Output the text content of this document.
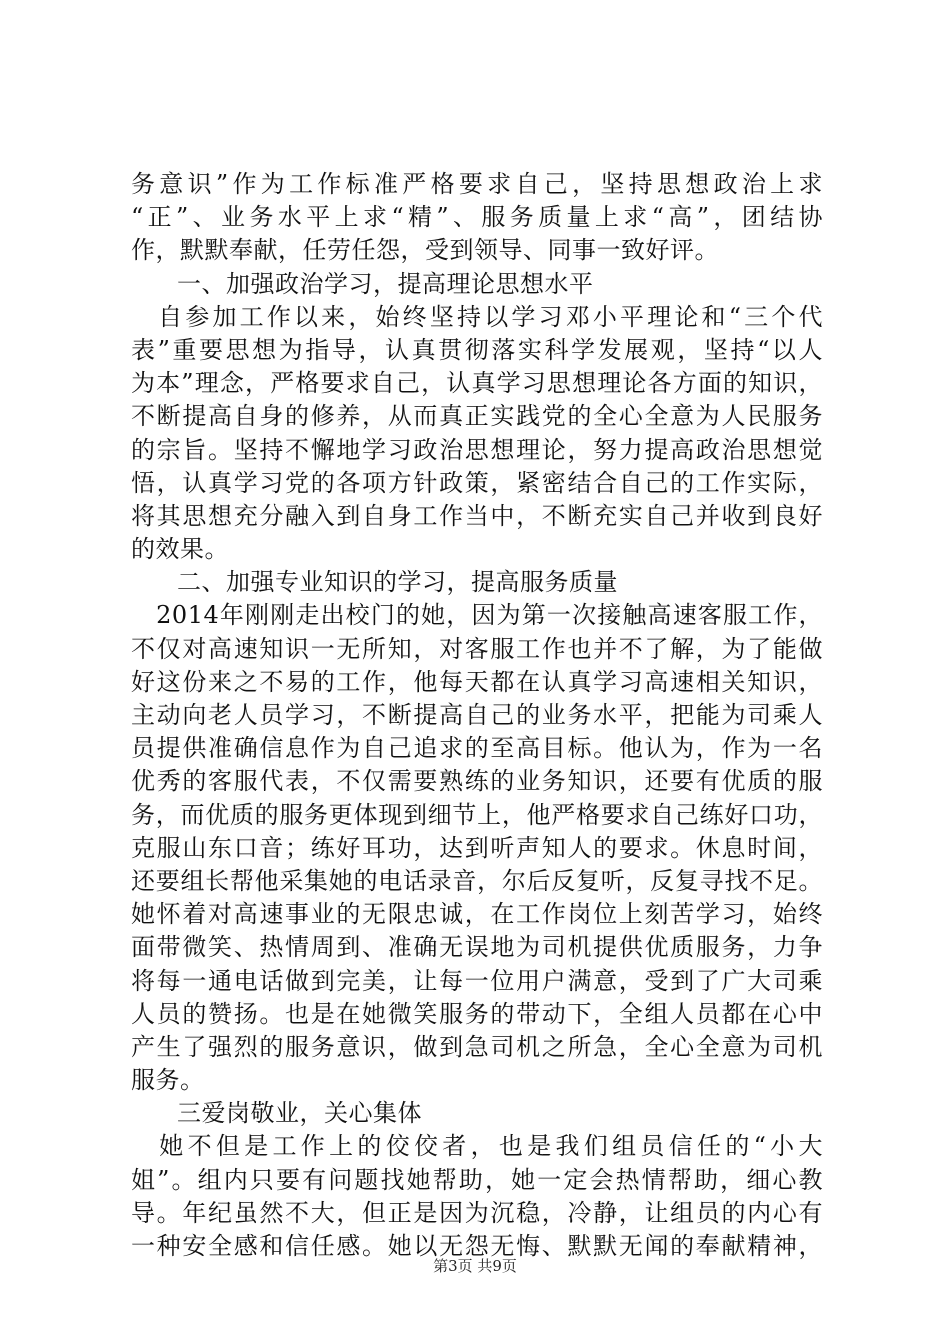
务意识”作为工作标准严格要求自己，坚持思想政治上求
“正”、业务水平上求“精”、服务质量上求“高”，团结协
作，默默奉献，任劳任怨，受到领导、同事一致好评。
一、加强政治学习，提高理论思想水平
　自参加工作以来，始终坚持以学习邓小平理论和“三个代
表”重要思想为指导，认真贯彻落实科学发展观，坚持“以人
为本”理念，严格要求自己，认真学习思想理论各方面的知识，
不断提高自身的修养，从而真正实践党的全心全意为人民服务
的宗旨。坚持不懈地学习政治思想理论，努力提高政治思想觉
悟，认真学习党的各项方针政策，紧密结合自己的工作实际，
将其思想充分融入到自身工作当中，不断充实自己并收到良好
的效果。
二、加强专业知识的学习，提高服务质量
　2014年刚刚走出校门的她，因为第一次接触高速客服工作，
不仅对高速知识一无所知，对客服工作也并不了解，为了能做
好这份来之不易的工作，他每天都在认真学习高速相关知识，
主动向老人员学习，不断提高自己的业务水平，把能为司乘人
员提供准确信息作为自己追求的至高目标。他认为，作为一名
优秀的客服代表，不仅需要熟练的业务知识，还要有优质的服
务，而优质的服务更体现到细节上，他严格要求自己练好口功，
克服山东口音；练好耳功，达到听声知人的要求。休息时间，
还要组长帮他采集她的电话录音，尔后反复听，反复寻找不足。
她怀着对高速事业的无限忠诚，在工作岗位上刻苦学习，始终
面带微笑、热情周到、准确无误地为司机提供优质服务，力争
将每一通电话做到完美，让每一位用户满意，受到了广大司乘
人员的赞扬。也是在她微笑服务的带动下，全组人员都在心中
产生了强烈的服务意识，做到急司机之所急，全心全意为司机
服务。
三爱岗敬业，关心集体
　她不但是工作上的佼佼者，也是我们组员信任的“小大
姐”。组内只要有问题找她帮助，她一定会热情帮助，细心教
导。年纪虽然不大，但正是因为沉稳，冷静，让组员的内心有
一种安全感和信任感。她以无怨无悔、默默无闻的奉献精神，
第3页 共9页
